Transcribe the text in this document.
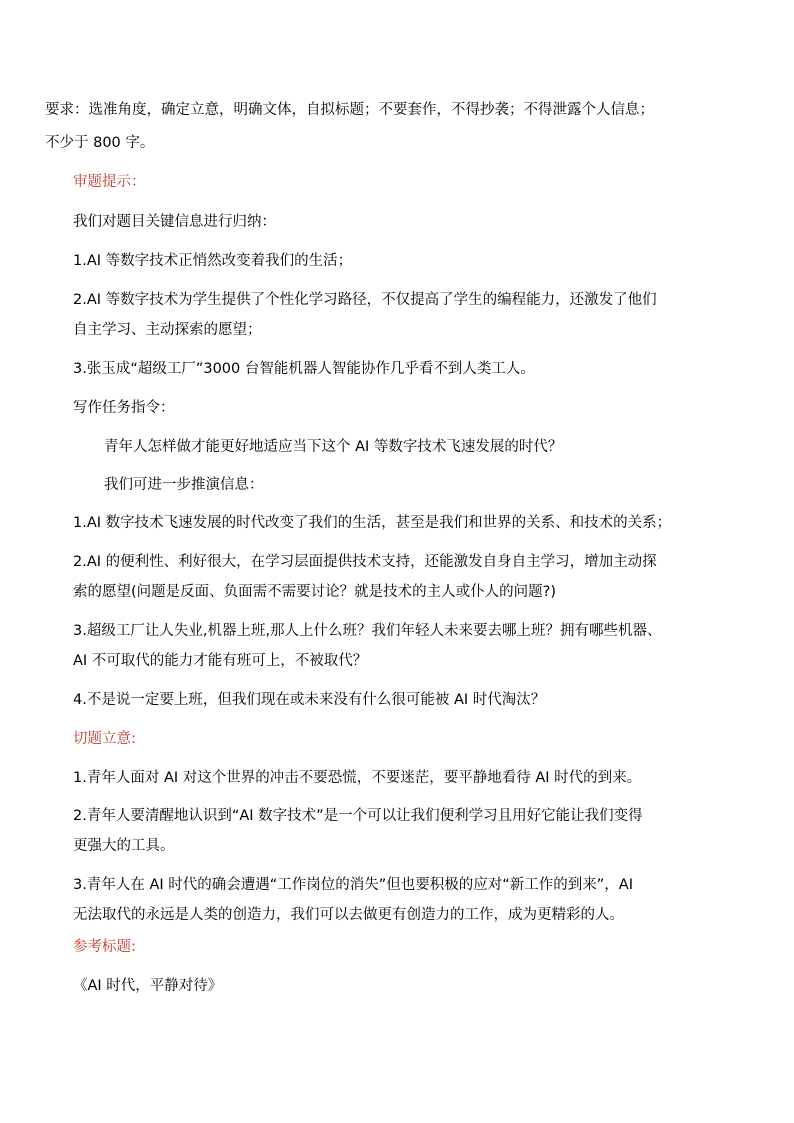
要求：选准角度，确定立意，明确文体，自拟标题；不要套作，不得抄袭；不得泄露个人信息；
不少于 800 字。
审题提示：
我们对题目关键信息进行归纳：
1.AI 等数字技术正悄然改变着我们的生活；
2.AI 等数字技术为学生提供了个性化学习路径，不仅提高了学生的编程能力，还激发了他们
自主学习、主动探索的愿望；
3.张玉成“超级工厂”3000 台智能机器人智能协作几乎看不到人类工人。
写作任务指令：
青年人怎样做才能更好地适应当下这个 AI 等数字技术飞速发展的时代？
我们可进一步推演信息：
1.AI 数字技术飞速发展的时代改变了我们的生活，甚至是我们和世界的关系、和技术的关系；
2.AI 的便利性、利好很大，在学习层面提供技术支持，还能激发自身自主学习，增加主动探
索的愿望(问题是反面、负面需不需要讨论？就是技术的主人或仆人的问题?)
3.超级工厂让人失业,机器上班,那人上什么班？我们年轻人未来要去哪上班？拥有哪些机器、
AI 不可取代的能力才能有班可上，不被取代？
4.不是说一定要上班，但我们现在或未来没有什么很可能被 AI 时代淘汰？
切题立意:
1.青年人面对 AI 对这个世界的冲击不要恐慌，不要迷茫，要平静地看待 AI 时代的到来。
2.青年人要清醒地认识到“AI 数字技术”是一个可以让我们便利学习且用好它能让我们变得
更强大的工具。
3.青年人在 AI 时代的确会遭遇“工作岗位的消失”但也要积极的应对“新工作的到来”，AI
无法取代的永远是人类的创造力，我们可以去做更有创造力的工作，成为更精彩的人。
参考标题:
《AI 时代，平静对待》
